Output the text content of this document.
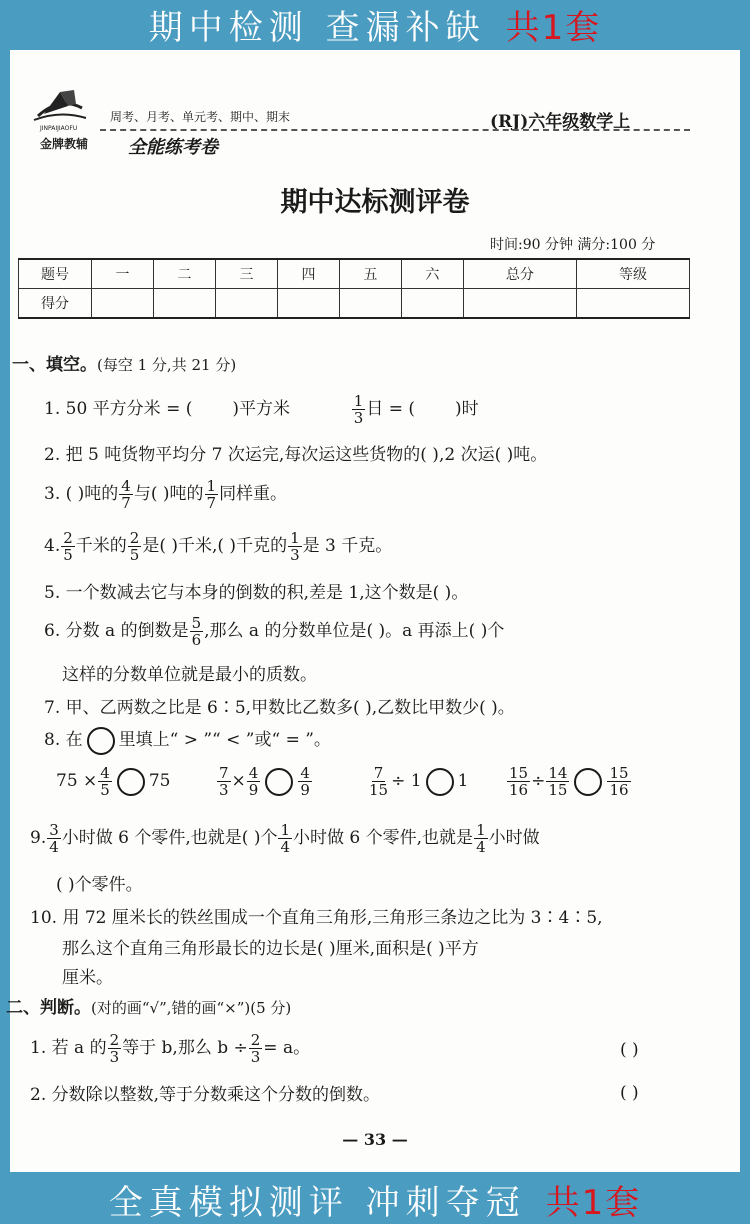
期中检测 查漏补缺 共1套
JINPAIJIAOFU
金牌教辅
周考、月考、单元考、期中、期末
全能练考卷
(RJ)六年级数学上
期中达标测评卷
时间:90 分钟 满分:100 分
题号	一	二	三	四	五	六	总分	等级
得分								
一、填空。(每空 1 分,共 21 分)
1. 50 平方分米 = ( )平方米	$\frac{1}{3}$ 日 = ( )时
2. 把 5 吨货物平均分 7 次运完,每次运这些货物的( ),2 次运( )吨。
3. ( )吨的 $\frac{4}{7}$ 与( )吨的 $\frac{1}{7}$ 同样重。
4. $\frac{2}{5}$ 千米的 $\frac{2}{5}$ 是( )千米,( )千克的 $\frac{1}{3}$ 是 3 千克。
5. 一个数减去它与本身的倒数的积,差是 1,这个数是( )。
6. 分数 a 的倒数是 $\frac{5}{6}$ ,那么 a 的分数单位是( )。a 再添上( )个
这样的分数单位就是最小的质数。
7. 甲、乙两数之比是 6∶5,甲数比乙数多( ),乙数比甲数少( )。
8. 在 里填上“ > ”“ < ”或“ = ”。
$75 \times \frac{4}{5} 75$	$\frac{7}{3} \times \frac{4}{9}$	$\frac{4}{9}$	$\frac{7}{15} \div 1$ 1	$\frac{15}{16} \div \frac{14}{15}$	$\frac{15}{16}$
9. $\frac{3}{4}$ 小时做 6 个零件,也就是( )个 $\frac{1}{4}$ 小时做 6 个零件,也就是 $\frac{1}{4}$ 小时做
( )个零件。
10. 用 72 厘米长的铁丝围成一个直角三角形,三角形三条边之比为 3∶4∶5,
那么这个直角三角形最长的边长是( )厘米,面积是( )平方
厘米。
二、判断。(对的画“√”,错的画“×”)(5 分)
1. 若 a 的 $\frac{2}{3}$ 等于 b,那么 $b \div \frac{2}{3} = a$。	( )
2. 分数除以整数,等于分数乘这个分数的倒数。	( )
— 33 —
全真模拟测评 冲刺夺冠 共1套
